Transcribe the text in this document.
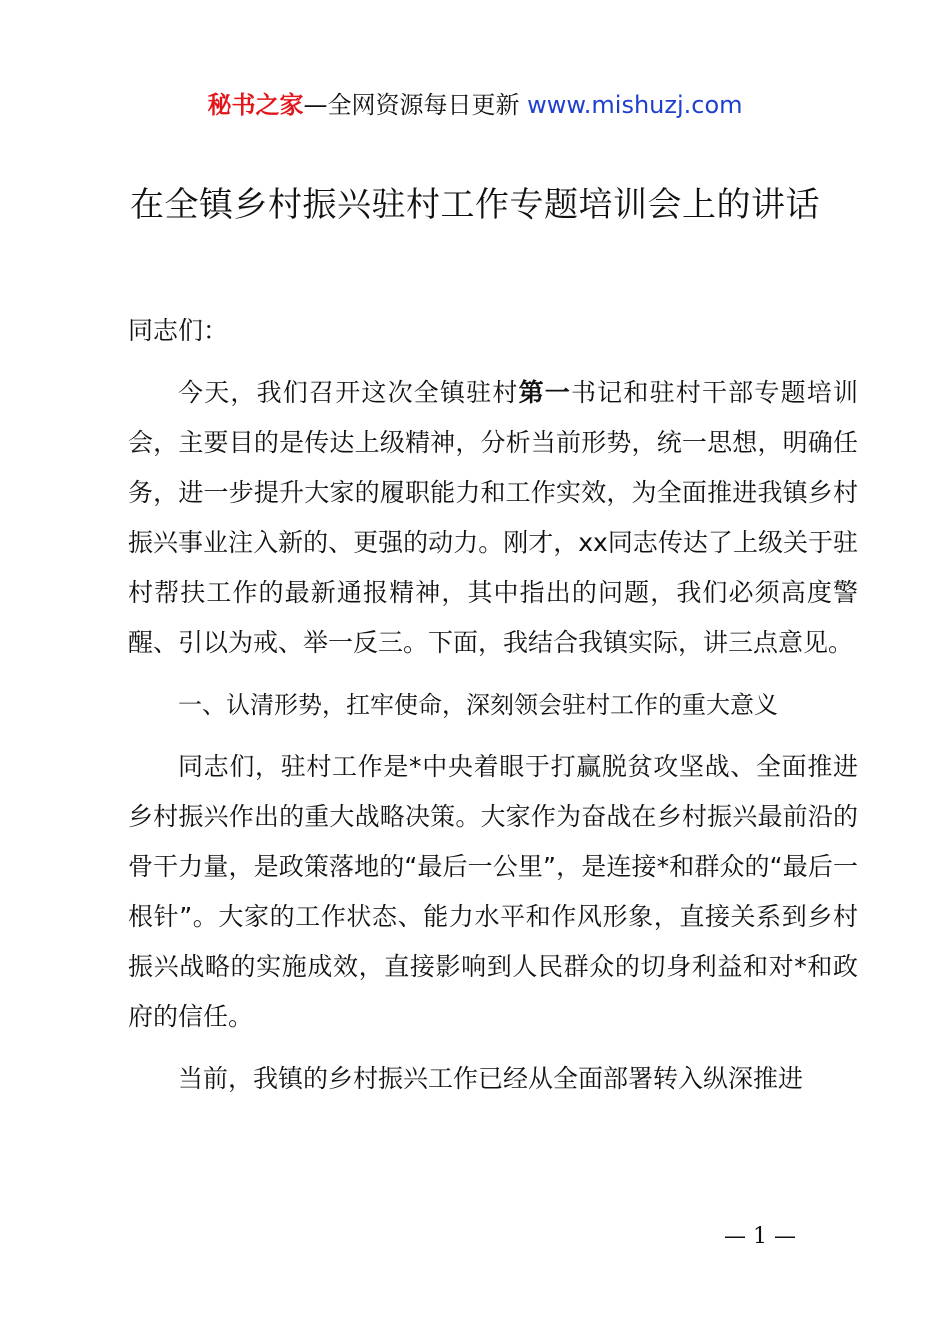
秘书之家—全网资源每日更新 www.mishuzj.com
在全镇乡村振兴驻村工作专题培训会上的讲话

同志们：

今天，我们召开这次全镇驻村第一书记和驻村干部专题培训会，主要目的是传达上级精神，分析当前形势，统一思想，明确任务，进一步提升大家的履职能力和工作实效，为全面推进我镇乡村振兴事业注入新的、更强的动力。刚才，xx同志传达了上级关于驻村帮扶工作的最新通报精神，其中指出的问题，我们必须高度警醒、引以为戒、举一反三。下面，我结合我镇实际，讲三点意见。

一、认清形势，扛牢使命，深刻领会驻村工作的重大意义

同志们，驻村工作是*中央着眼于打赢脱贫攻坚战、全面推进乡村振兴作出的重大战略决策。大家作为奋战在乡村振兴最前沿的骨干力量，是政策落地的“最后一公里”，是连接*和群众的“最后一根针”。大家的工作状态、能力水平和作风形象，直接关系到乡村振兴战略的实施成效，直接影响到人民群众的切身利益和对*和政府的信任。

当前，我镇的乡村振兴工作已经从全面部署转入纵深推进

— 1 —
